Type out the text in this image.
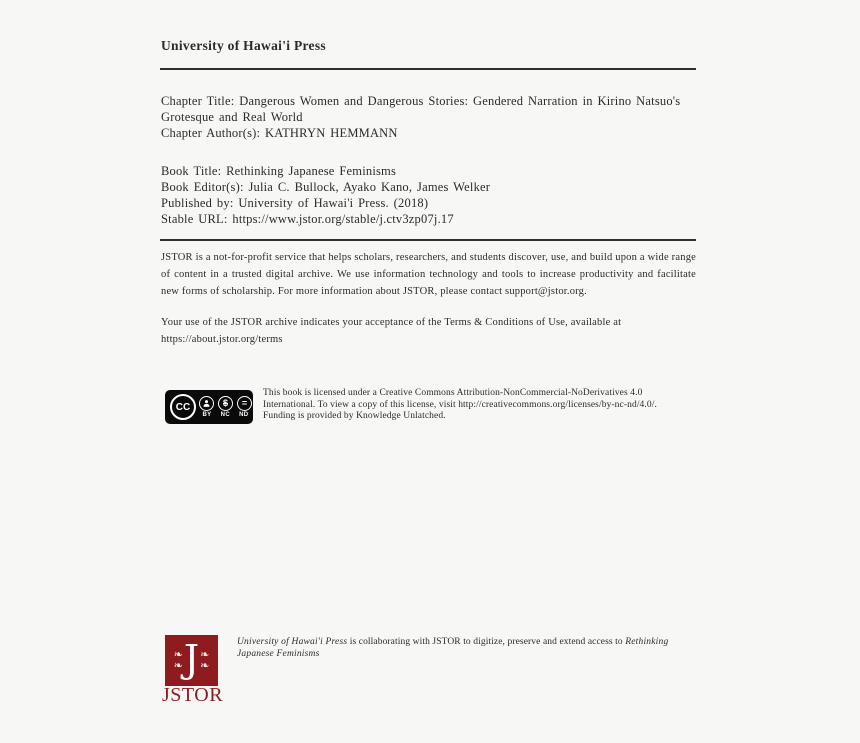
University of Hawai'i Press
Chapter Title: Dangerous Women and Dangerous Stories: Gendered Narration in Kirino Natsuo's Grotesque and Real World
Chapter Author(s): KATHRYN HEMMANN
Book Title: Rethinking Japanese Feminisms
Book Editor(s): Julia C. Bullock, Ayako Kano, James Welker
Published by: University of Hawai'i Press. (2018)
Stable URL: https://www.jstor.org/stable/j.ctv3zp07j.17
JSTOR is a not-for-profit service that helps scholars, researchers, and students discover, use, and build upon a wide range of content in a trusted digital archive. We use information technology and tools to increase productivity and facilitate new forms of scholarship. For more information about JSTOR, please contact support@jstor.org.
Your use of the JSTOR archive indicates your acceptance of the Terms & Conditions of Use, available at https://about.jstor.org/terms
CC	$	=
BY NC ND
This book is licensed under a Creative Commons Attribution-NonCommercial-NoDerivatives 4.0 International. To view a copy of this license, visit http://creativecommons.org/licenses/by-nc-nd/4.0/. Funding is provided by Knowledge Unlatched.
❧
❧ J ❧
❧
JSTOR
University of Hawai'i Press is collaborating with JSTOR to digitize, preserve and extend access to Rethinking Japanese Feminisms
